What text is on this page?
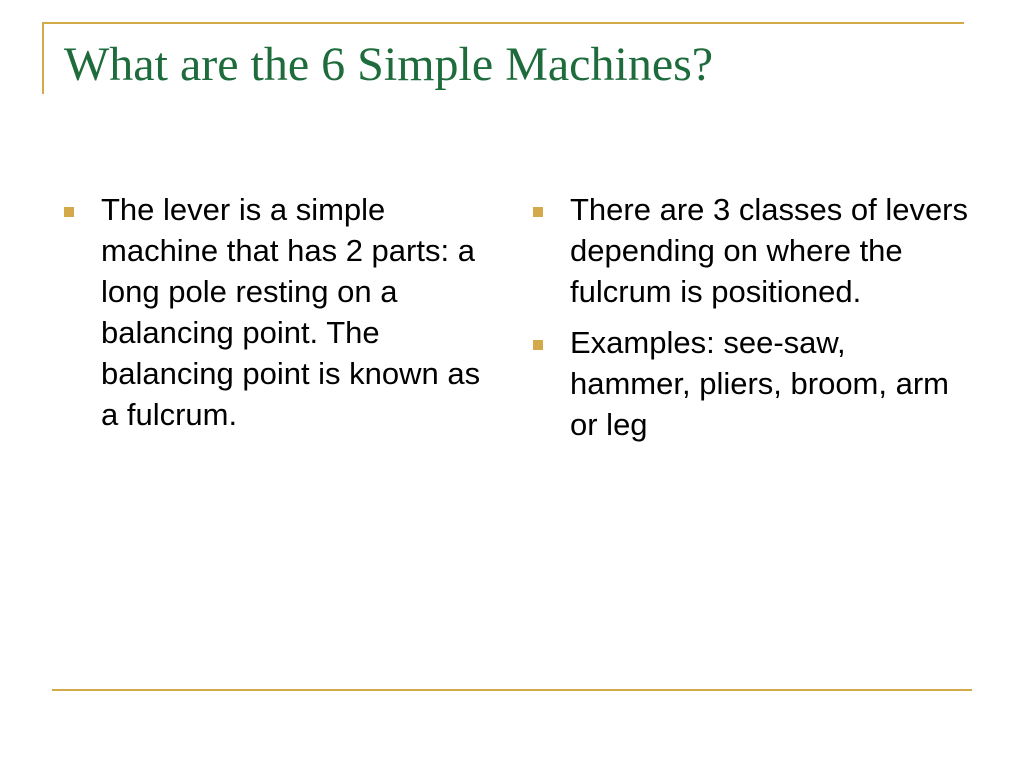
What are the 6 Simple Machines?
The lever is a simple machine that has 2 parts: a long pole resting on a balancing point. The balancing point is known as a fulcrum.
There are 3 classes of levers depending on where the fulcrum is positioned.
Examples: see-saw, hammer, pliers, broom, arm or leg
